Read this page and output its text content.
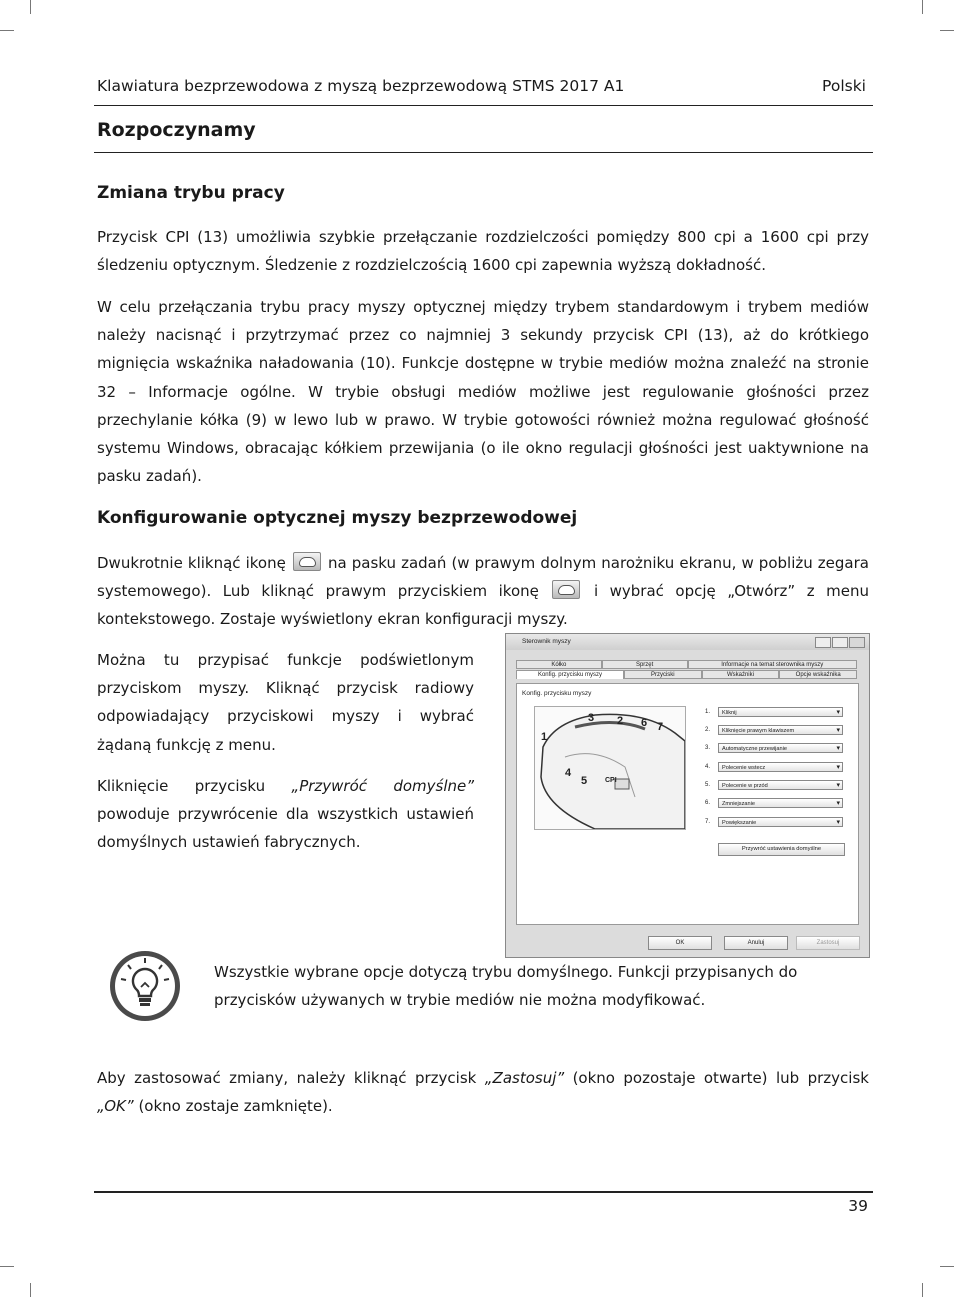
Klawiatura bezprzewodowa z myszą bezprzewodową STMS 2017 A1	Polski
Rozpoczynamy
Zmiana trybu pracy
Przycisk CPI (13) umożliwia szybkie przełączanie rozdzielczości pomiędzy 800 cpi a 1600 cpi przy śledzeniu optycznym. Śledzenie z rozdzielczością 1600 cpi zapewnia wyższą dokładność.
W celu przełączania trybu pracy myszy optycznej między trybem standardowym i trybem mediów należy nacisnąć i przytrzymać przez co najmniej 3 sekundy przycisk CPI (13), aż do krótkiego mignięcia wskaźnika naładowania (10). Funkcje dostępne w trybie mediów można znaleźć na stronie 32 – Informacje ogólne. W trybie obsługi mediów możliwe jest regulowanie głośności przez przechylanie kółka (9) w lewo lub w prawo. W trybie gotowości również można regulować głośność systemu Windows, obracając kółkiem przewijania (o ile okno regulacji głośności jest uaktywnione na pasku zadań).
Konfigurowanie optycznej myszy bezprzewodowej
Dwukrotnie kliknąć ikonę	na pasku zadań (w prawym dolnym narożniku ekranu, w pobliżu zegara systemowego). Lub kliknąć prawym przyciskiem ikonę	i wybrać opcję „Otwórz” z menu kontekstowego. Zostaje wyświetlony ekran konfiguracji myszy.
Można tu przypisać funkcje podświetlonym przyciskom myszy. Kliknąć przycisk radiowy odpowiadający przyciskowi myszy i wybrać żądaną funkcję z menu.
Kliknięcie przycisku „Przywróć domyślne” powoduje przywrócenie dla wszystkich ustawień domyślnych ustawień fabrycznych.
Sterownik myszy
Kółko	Sprzęt	Informacje na temat sterownika myszy
Konfig. przycisku myszy	Przyciski	Wskaźniki	Opcje wskaźnika
Konfig. przycisku myszy
1
2
3
4
5
6 7
CPI
1.	Kliknij ▾
2.	Kliknięcie prawym klawiszem ▾
3.	Automatyczne przewijanie ▾
4.	Polecenie wstecz ▾
5.	Polecenie w przód ▾
6.	Zmniejszanie ▾
7.	Powiększanie ▾
Przywróć ustawienia domyślne
OK	Anuluj	Zastosuj
Wszystkie wybrane opcje dotyczą trybu domyślnego. Funkcji przypisanych do przycisków używanych w trybie mediów nie można modyfikować.
Aby zastosować zmiany, należy kliknąć przycisk „Zastosuj” (okno pozostaje otwarte) lub przycisk „OK” (okno zostaje zamknięte).
39
